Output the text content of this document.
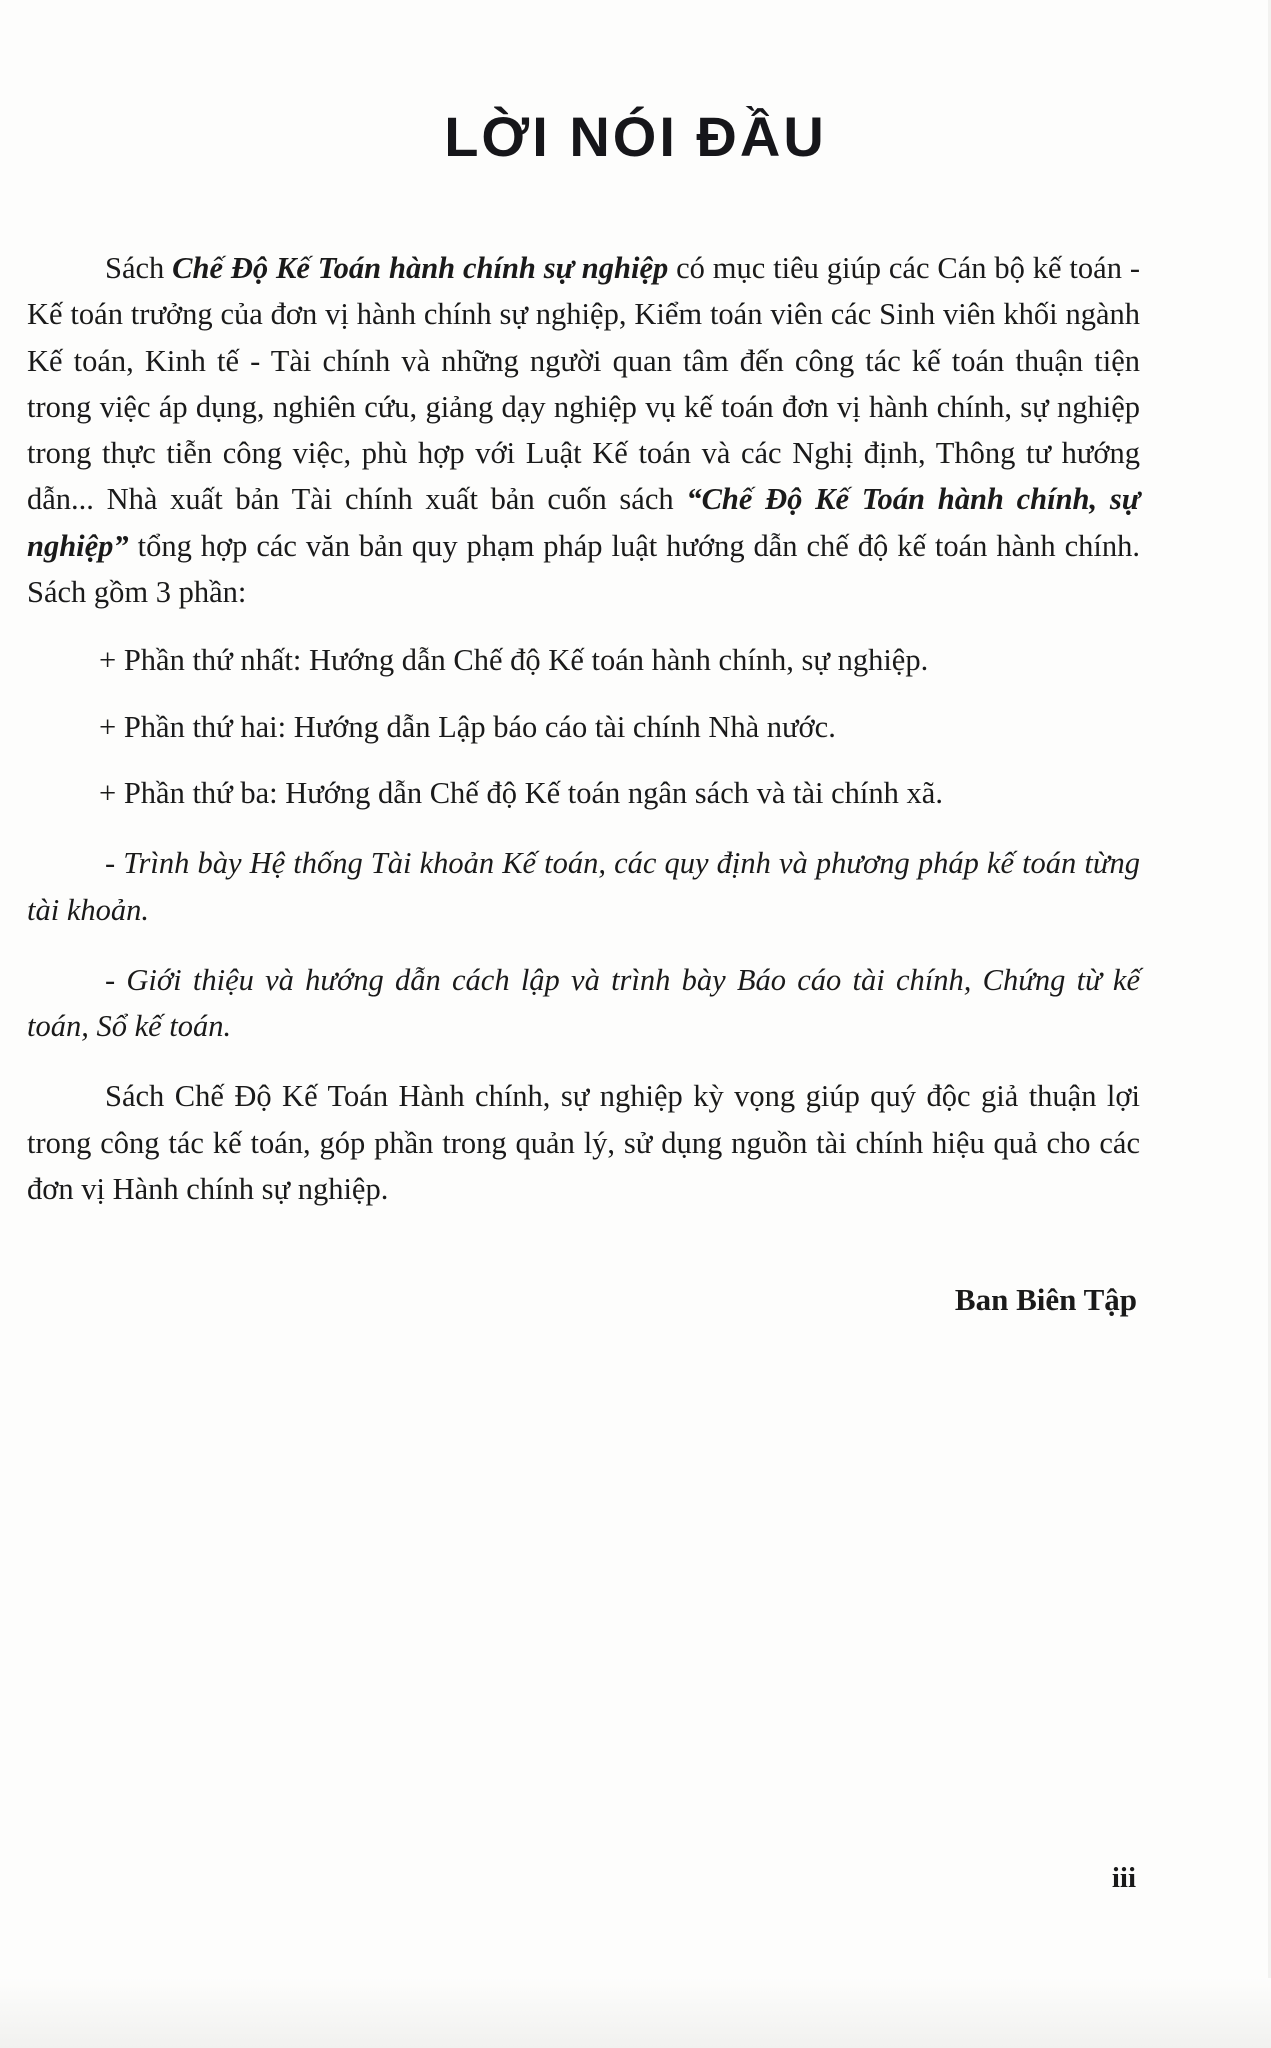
LỜI NÓI ĐẦU

Sách Chế Độ Kế Toán hành chính sự nghiệp có mục tiêu giúp các Cán bộ kế toán - Kế toán trưởng của đơn vị hành chính sự nghiệp, Kiểm toán viên các Sinh viên khối ngành Kế toán, Kinh tế - Tài chính và những người quan tâm đến công tác kế toán thuận tiện trong việc áp dụng, nghiên cứu, giảng dạy nghiệp vụ kế toán đơn vị hành chính, sự nghiệp trong thực tiễn công việc, phù hợp với Luật Kế toán và các Nghị định, Thông tư hướng dẫn... Nhà xuất bản Tài chính xuất bản cuốn sách “Chế Độ Kế Toán hành chính, sự nghiệp” tổng hợp các văn bản quy phạm pháp luật hướng dẫn chế độ kế toán hành chính. Sách gồm 3 phần:

+ Phần thứ nhất: Hướng dẫn Chế độ Kế toán hành chính, sự nghiệp.

+ Phần thứ hai: Hướng dẫn Lập báo cáo tài chính Nhà nước.

+ Phần thứ ba: Hướng dẫn Chế độ Kế toán ngân sách và tài chính xã.

- Trình bày Hệ thống Tài khoản Kế toán, các quy định và phương pháp kế toán từng tài khoản.

- Giới thiệu và hướng dẫn cách lập và trình bày Báo cáo tài chính, Chứng từ kế toán, Sổ kế toán.

Sách Chế Độ Kế Toán Hành chính, sự nghiệp kỳ vọng giúp quý độc giả thuận lợi trong công tác kế toán, góp phần trong quản lý, sử dụng nguồn tài chính hiệu quả cho các đơn vị Hành chính sự nghiệp.

Ban Biên Tập

iii
